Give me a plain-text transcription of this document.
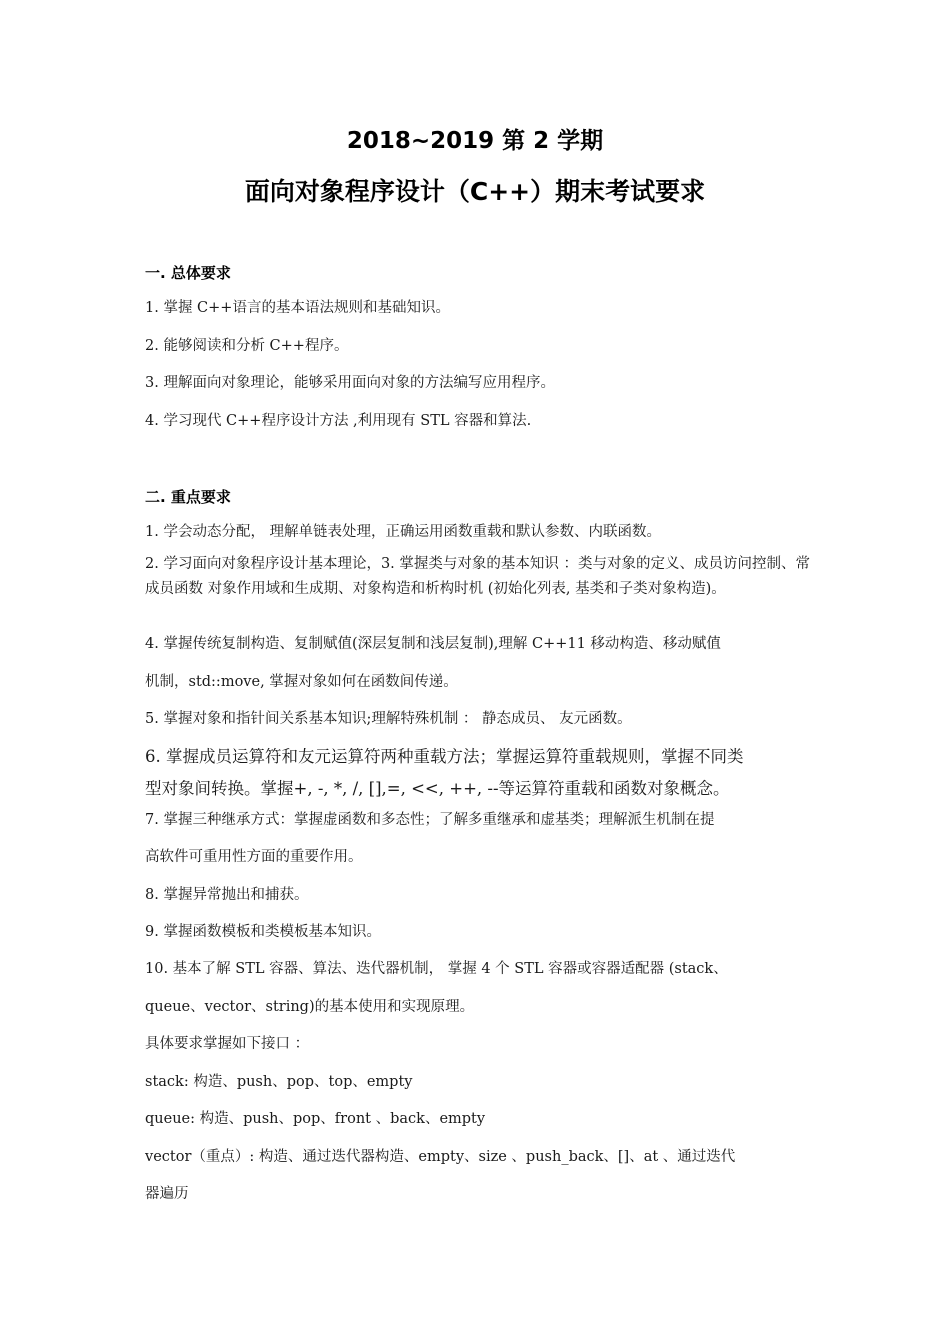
2018~2019 第 2 学期
面向对象程序设计（C++）期末考试要求
一. 总体要求
1. 掌握 C++语言的基本语法规则和基础知识。
2. 能够阅读和分析 C++程序。
3. 理解面向对象理论，能够采用面向对象的方法编写应用程序。
4. 学习现代 C++程序设计方法 ,利用现有 STL 容器和算法.
二. 重点要求
1. 学会动态分配， 理解单链表处理，正确运用函数重载和默认参数、内联函数。
2. 学习面向对象程序设计基本理论，3. 掌握类与对象的基本知识 ：类与对象的定义、成员访问控制、常成员函数 对象作用域和生成期、对象构造和析构时机 (初始化列表, 基类和子类对象构造)。
4. 掌握传统复制构造、复制赋值(深层复制和浅层复制),理解 C++11 移动构造、移动赋值
机制，std::move, 掌握对象如何在函数间传递。
5. 掌握对象和指针间关系基本知识;理解特殊机制 ： 静态成员、 友元函数。
6. 掌握成员运算符和友元运算符两种重载方法；掌握运算符重载规则，掌握不同类
型对象间转换。掌握+, -, *, /, [],=, <<, ++, --等运算符重载和函数对象概念。
7. 掌握三种继承方式：掌握虚函数和多态性；了解多重继承和虚基类；理解派生机制在提
高软件可重用性方面的重要作用。
8. 掌握异常抛出和捕获。
9. 掌握函数模板和类模板基本知识。
10. 基本了解 STL 容器、算法、迭代器机制， 掌握 4 个 STL 容器或容器适配器 (stack、
queue、vector、string)的基本使用和实现原理。
具体要求掌握如下接口 ：
stack: 构造、push、pop、top、empty
queue: 构造、push、pop、front 、back、empty
vector（重点）: 构造、通过迭代器构造、empty、size 、push_back、[]、at 、通过迭代
器遍历
